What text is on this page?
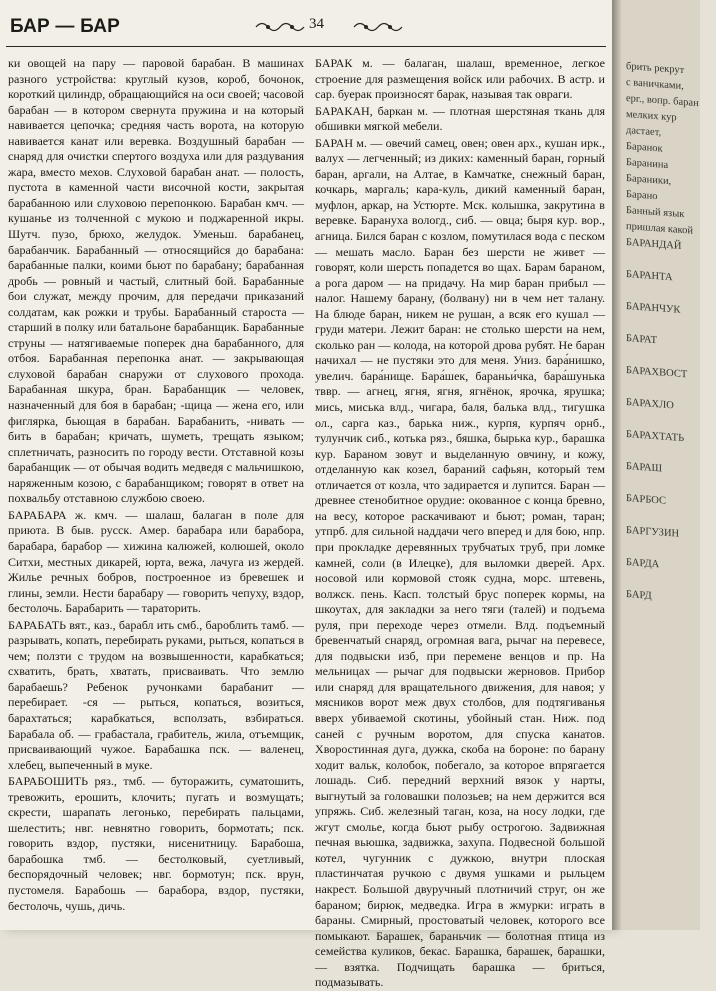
БАР — БАР	34

ки овощей на пару — паровой барабан. В машинах разного устройства: круглый кузов, короб, бочонок, короткий цилиндр, обращающийся на оси своей; часовой барабан — в котором свернута пружина и на который навивается цепочка; средняя часть ворота, на которую навивается канат или веревка. Воздушный барабан — снаряд для очистки спертого воздуха или для раздувания жара, вместо мехов. Слуховой барабан анат. — полость, пустота в каменной части височной кости, закрытая барабанною или слуховою перепонкою. Барабан кмч. — кушанье из толченной с мукою и поджаренной икры. Шутч. пузо, брюхо, желудок. Уменьш. барабанец, барабанчик. Барабанный — относящийся до барабана: барабанные палки, коими бьют по барабану; барабанная дробь — ровный и частый, слитный бой. Барабанные бои служат, между прочим, для передачи приказаний солдатам, как рожки и трубы. Барабанный староста — старший в полку или батальоне барабанщик. Барабанные струны — натягиваемые поперек дна барабанного, для отбоя. Барабанная перепонка анат. — закрывающая слуховой барабан снаружи от слухового прохода. Барабанная шкура, бран. Барабанщик — человек, назначенный для боя в барабан; -щица — жена его, или фигляpка, бьющая в барабан. Барабанить, -нивать — бить в барабан; кричать, шуметь, трещать языком; сплетничать, разносить по городу вести. Отставной козы барабанщик — от обычая водить медведя с мальчишкою, наряженным козою, с барабанщиком; говорят в ответ на похвальбу отставною службою своею.

БАРАБАРА ж. кмч. — шалаш, балаган в поле для приюта. В быв. русск. Амер. барабара или барабора, барабара, барабор — хижина калюжей, колюшей, около Ситхи, местных дикарей, юрта, вежа, лачуга из жердей. Жилье речных бобров, построенное из бревешек и глины, земли. Нести барабару — говорить чепуху, вздор, бестолочь. Барабарить — тараторить.

БАРАБАТЬ вят., каз., барабл ить смб., бароблить тамб. — разрывать, копать, перебирать руками, рыться, копаться в чем; ползти с трудом на возвышенности, карабкаться; схватить, брать, хватать, присваивать. Что землю барабаешь? Ребенок ручонками барабанит — перебирает. -ся — рыться, копаться, возиться, барахтаться; карабкаться, всползать, взбираться. Барабала об. — грабастала, грабитель, жила, отъемщик, присваивающий чужое. Барабашка пск. — валенец, хлебец, выпеченный в муке.

БАРАБОШИТЬ ряз., тмб. — буторажить, суматошить, тревожить, ерошить, клочить; пугать и возмущать; скрести, шарапать легонько, перебирать пальцами, шелестить; нвг. невнятно говорить, бормотать; пск. говорить вздор, пустяки, нисенитницу. Барабоша, барабошка тмб. — бестолковый, суетливый, беспорядочный человек; нвг. бормотун; пск. врун, пустомеля. Барабошь — барабора, вздор, пустяки, бестолочь, чушь, дичь.

БАРАК м. — балаган, шалаш, временное, легкое строение для размещения войск или рабочих. В астр. и сар. буерак произносят барак, называя так овраги.

БАРАКАН, баркан м. — плотная шерстяная ткань для обшивки мягкой мебели.

БАРАН м. — овечий самец, овен; овен арх., кушан ирк., валух — легченный; из диких: каменный баран, горный баран, аргали, на Алтае, в Камчатке, снежный баран, кочкарь, маргаль; кара-куль, дикий каменный баран, муфлон, аркар, на Устюрте. Мск. колышка, закрутина в веревке. Барануха вологд., сиб. — овца; быря кур. вор., агница. Бился баран с козлом, помутилася вода с песком — мешать масло. Баран без шерсти не живет — говорят, коли шерсть попадется во щах. Барам бараном, а рога даром — на придачу. На мир баран прибыл — налог. Нашему барану, (болвану) ни в чем нет талану. На блюде баран, никем не рушан, а всяк его кушал — груди матери. Лежит баран: не столько шерсти на нем, сколько ран — колода, на которой дрова рубят. Не баран начихал — не пустяки это для меня. Униз. бара́нишко, увелич. бара́нище. Бара́шек, бараньи́чка, бара́шунька тввр. — агнец, ягня, ягня, ягнёнок, ярочка, ярушка; мись, миська влд., чигара, баля, балька влд., тигушка ол., сарга каз., барька ниж., курпя, курпяч орнб., тулунчик сиб., котька ряз., бяшка, бырька кур., барашка кур. Бараном зовут и выделанную овчину, и кожу, отделанную как козел, бараний сафьян, который тем отличается от козла, что задирается и лупится. Баран — древнее стенобитное орудие: окованное с конца бревно, на весу, которое раскачивают и бьют; роман, таран; утпрб. для сильной наддачи чего вперед и для бою, нпр. при прокладке деревянных трубчатых труб, при ломке камней, соли (в Илецке), для выломки дверей. Арх. носовой или кормовой стояк судна, морс. штевень, волжск. пень. Касп. толстый брус поперек кормы, на шкоутах, для закладки за него тяги (талей) и подъема руля, при переходе через отмели. Влд. подъемный бревенчатый снаряд, огромная вага, рычаг на перевесе, для подвыски изб, при перемене венцов и пр. На мельницах — рычаг для подвыски жерновов. Прибор или снаряд для вращательного движения, для навоя; у мясников ворот меж двух столбов, для подтягиванья вверх убиваемой скотины, убойный стан. Ниж. под саней с ручным воротом, для спуска канатов. Хворостинная дуга, дужка, скоба на бороне: по барану ходит вальк, колобок, побегало, за которое впрягается лошадь. Сиб. передний верхний вязок у нарты, выгнутый за головашки полозьев; на нем держится вся упряжь. Сиб. железный таган, коза, на носу лодки, где жгут смолье, когда бьют рыбу острогою. Задвижная печная вьюшка, задвижка, захупа. Подвесной большой котел, чугунник с дужкою, внутри плоская пластинчатая ручкою с двумя ушками и рыльцем накрест. Большой двуручный плотничий струг, он же бараном; бирюк, медведка. Игра в жмурки: играть в бараны. Смирный, простоватый человек, которого все помыкают. Барашек, бараньчик — болотная птица из семейства куликов, бекас. Барашка, барашек, барашки, — взятка. Подчищать барашка — бриться, подмазывать.

брить рекрут
с ваничками,
ерг., вопр. баран
мелких кур
дастает,
Баранок
Баранина
Бараники,
Барано
Банный язык
пришлая какой
БАРАНДАЙ
БАРАНТА
БАРАНЧУК
БАРАТ
БАРАХВОСТ
БАРАХЛО
БАРАХТАТЬ
БАРАШ
БАРБОС
БАРГУЗИН
БАРДА
БАРД
